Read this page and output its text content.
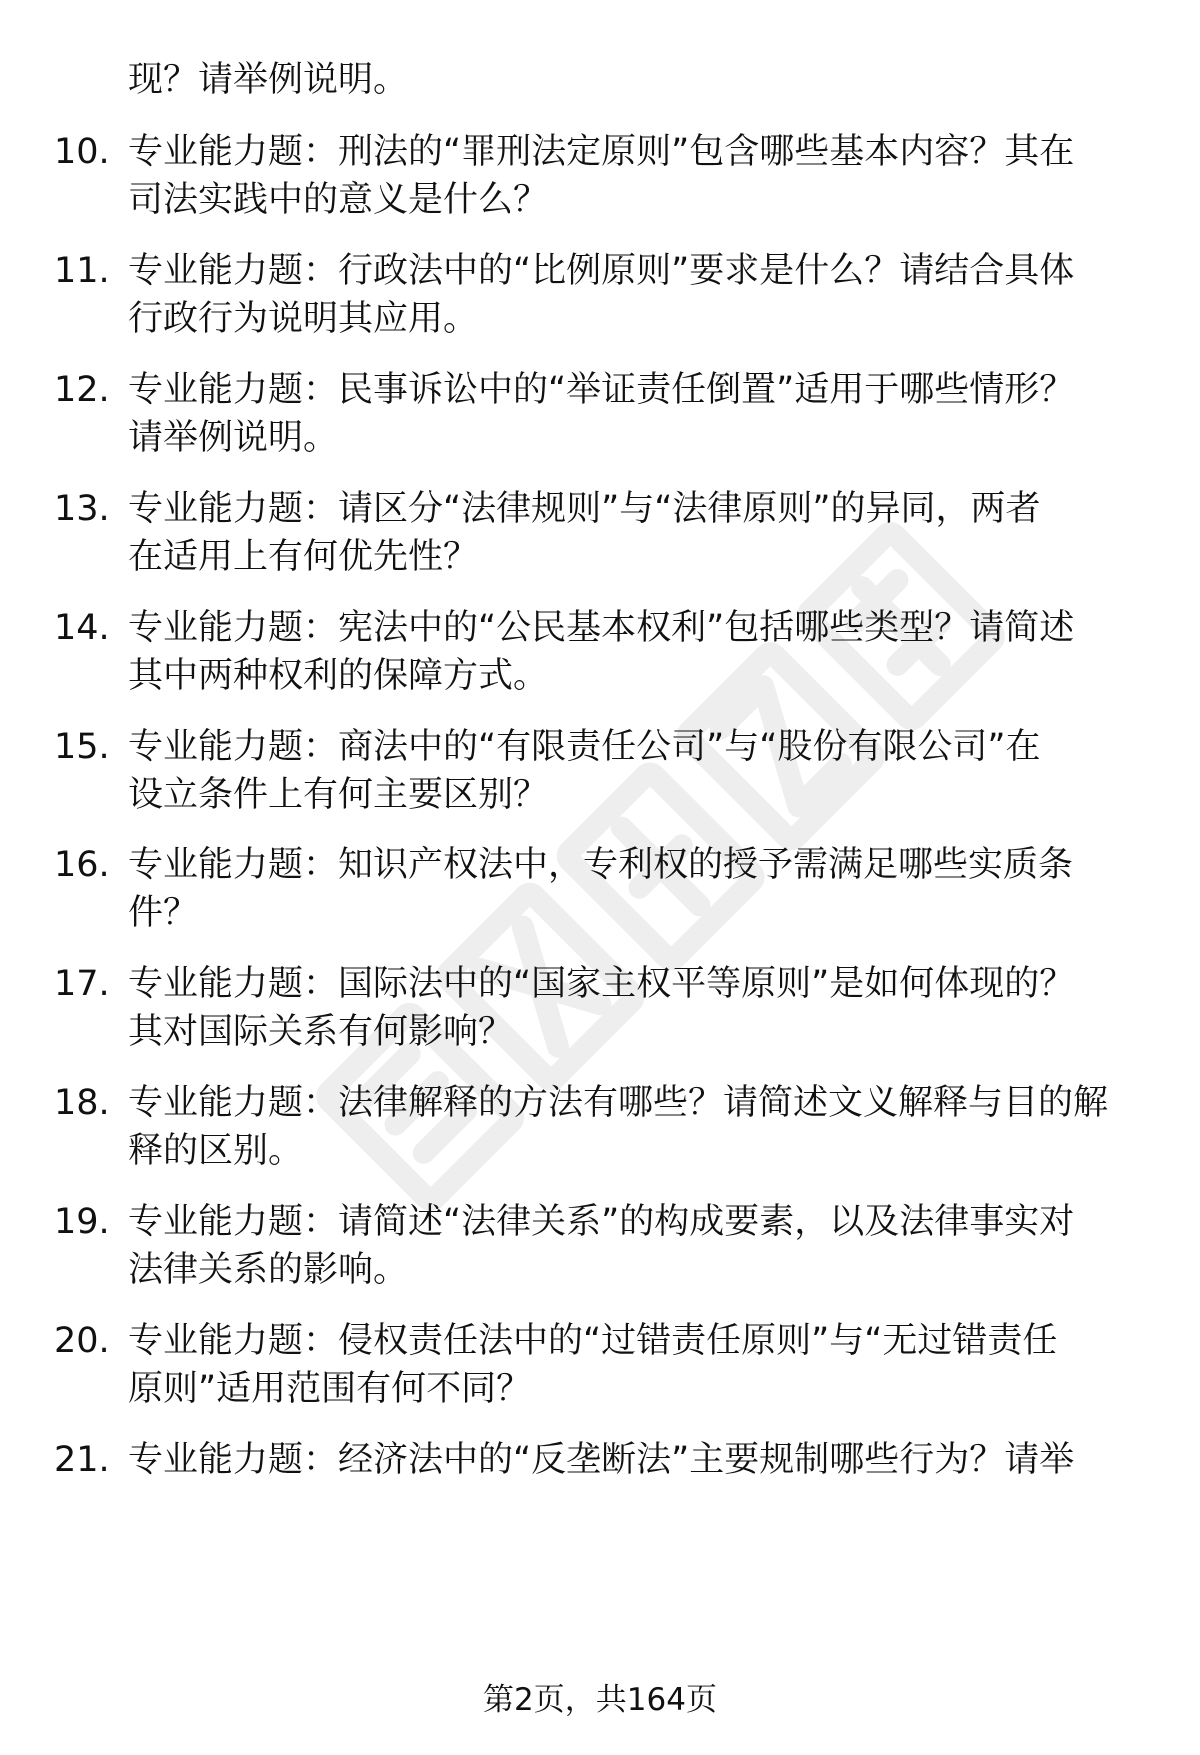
现？请举例说明。
10. 专业能力题：刑法的“罪刑法定原则”包含哪些基本内容？其在
司法实践中的意义是什么？
11. 专业能力题：行政法中的“比例原则”要求是什么？请结合具体
行政行为说明其应用。
12. 专业能力题：民事诉讼中的“举证责任倒置”适用于哪些情形？
请举例说明。
13. 专业能力题：请区分“法律规则”与“法律原则”的异同，两者
在适用上有何优先性？
14. 专业能力题：宪法中的“公民基本权利”包括哪些类型？请简述
其中两种权利的保障方式。
15. 专业能力题：商法中的“有限责任公司”与“股份有限公司”在
设立条件上有何主要区别？
16. 专业能力题：知识产权法中，专利权的授予需满足哪些实质条
件？
17. 专业能力题：国际法中的“国家主权平等原则”是如何体现的？
其对国际关系有何影响？
18. 专业能力题：法律解释的方法有哪些？请简述文义解释与目的解
释的区别。
19. 专业能力题：请简述“法律关系”的构成要素，以及法律事实对
法律关系的影响。
20. 专业能力题：侵权责任法中的“过错责任原则”与“无过错责任
原则”适用范围有何不同？
21. 专业能力题：经济法中的“反垄断法”主要规制哪些行为？请举
第2页，共164页
